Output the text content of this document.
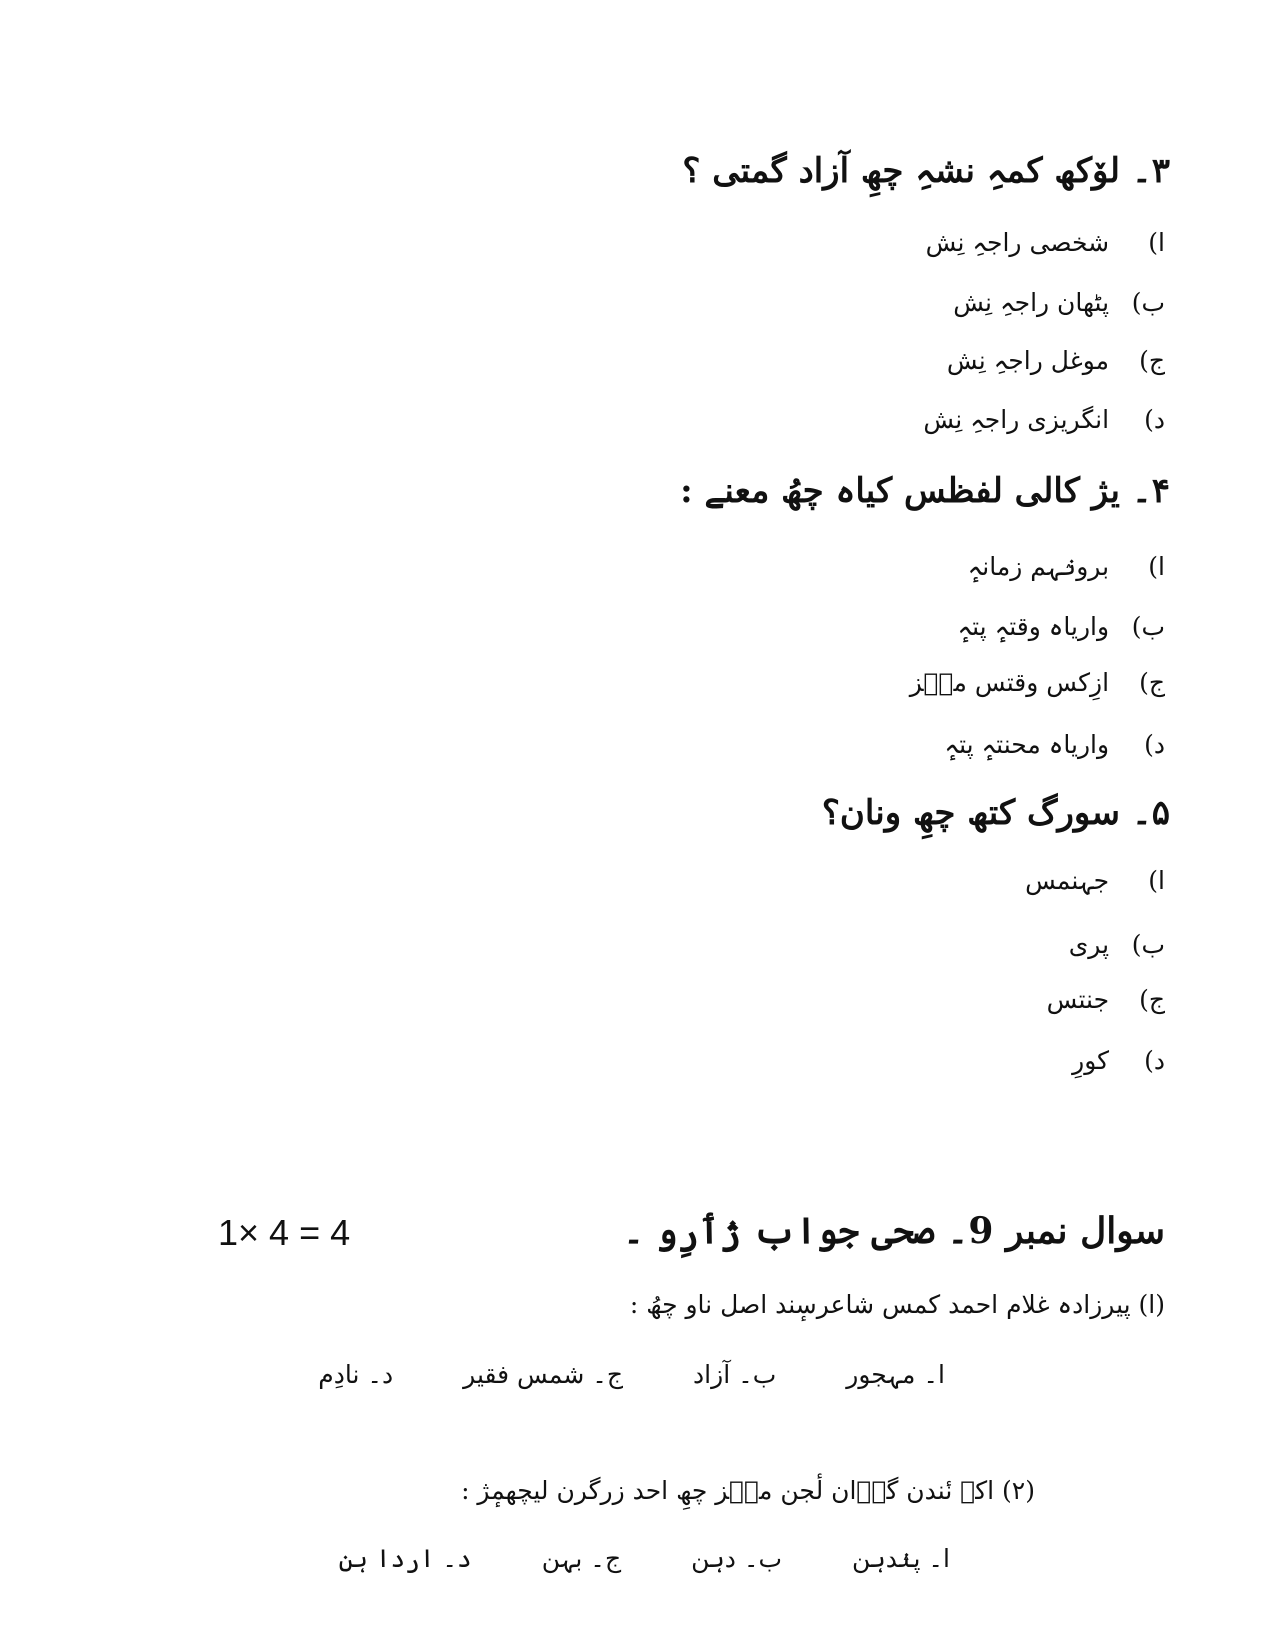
٣۔ لوٚکھ کمہِ نشہِ چھِ آزاد گمتی ؟
ا) شخصی راجہِ نِش
ب) پٹھان راجہِ نِش
ج) موغل راجہِ نِش
د) انگریزی راجہِ نِش
۴۔ یژ کالی لفظس کیاہ چھُ معنے :
ا) برونٛہم زمانہٕ
ب) واریاہ وقتہٕ پتہٕ
ج) ازِکس وقتس منٛز
د) واریاہ محنتہٕ پتہٕ
۵۔ سورگ کتھ چھِ ونان؟
ا) جہنمس
ب) پری
ج) جنتس
د) کورِ
سوال نمبر 9۔ صحی جواب ژٲرِو ۔
1× 4 = 4
(ا) پیرزادہ غلام احمد کمس شاعرسٕند اصل ناو چھُ :
ا۔ مہجور
ب۔ آزاد
ج۔ شمس فقیر
د۔ نادِم
(۲) اکہ نٔندن گرٛان لٔجن منٛز چھِ احد زرگرن لیچھمٕژ :
ا۔ پنٛدہن
ب۔ دہن
ج۔ بہن
د۔ اردا ہن
